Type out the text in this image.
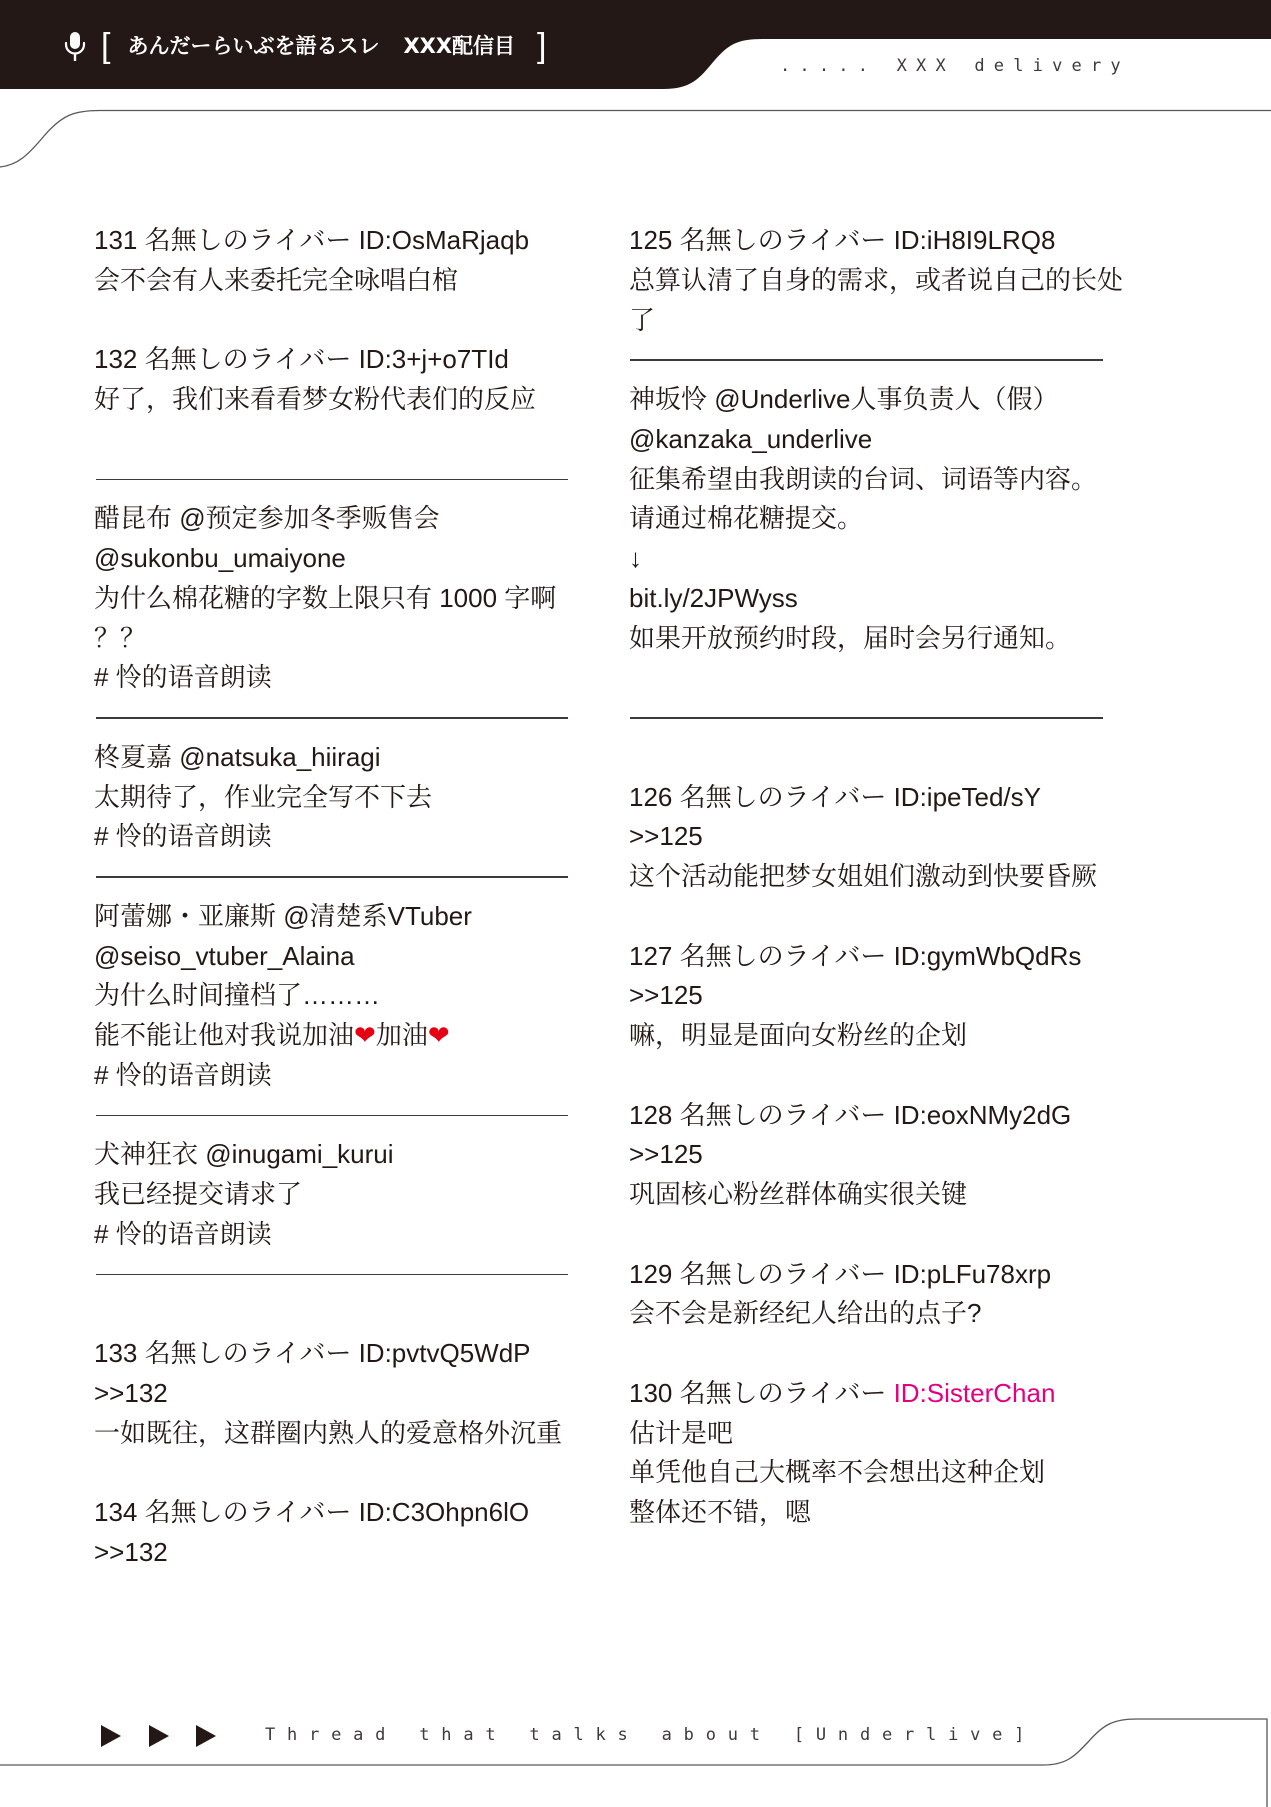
[ あんだーらいぶを語るスレ XXX配信目 ]
..... XXX delivery
131 名無しのライバー ID:OsMaRjaqb
会不会有人来委托完全咏唱白棺
132 名無しのライバー ID:3+j+o7TId
好了，我们来看看梦女粉代表们的反应
醋昆布 @预定参加冬季贩售会
@sukonbu_umaiyone
为什么棉花糖的字数上限只有 1000 字啊
？？
# 怜的语音朗读
柊夏嘉 @natsuka_hiiragi
太期待了，作业完全写不下去
# 怜的语音朗读
阿蕾娜・亚廉斯 @清楚系VTuber
@seiso_vtuber_Alaina
为什么时间撞档了………
能不能让他对我说加油❤加油❤
# 怜的语音朗读
犬神狂衣 @inugami_kurui
我已经提交请求了
# 怜的语音朗读
133 名無しのライバー ID:pvtvQ5WdP
>>132
一如既往，这群圈内熟人的爱意格外沉重
134 名無しのライバー ID:C3Ohpn6lO
>>132
125 名無しのライバー ID:iH8I9LRQ8
总算认清了自身的需求，或者说自己的长处
了
神坂怜 @Underlive人事负责人（假）
@kanzaka_underlive
征集希望由我朗读的台词、词语等内容。
请通过棉花糖提交。
↓
bit.ly/2JPWyss
如果开放预约时段，届时会另行通知。
126 名無しのライバー ID:ipeTed/sY
>>125
这个活动能把梦女姐姐们激动到快要昏厥
127 名無しのライバー ID:gymWbQdRs
>>125
嘛，明显是面向女粉丝的企划
128 名無しのライバー ID:eoxNMy2dG
>>125
巩固核心粉丝群体确实很关键
129 名無しのライバー ID:pLFu78xrp
会不会是新经纪人给出的点子?
130 名無しのライバー ID:SisterChan
估计是吧
单凭他自己大概率不会想出这种企划
整体还不错，嗯
Thread that talks about [Underlive]
